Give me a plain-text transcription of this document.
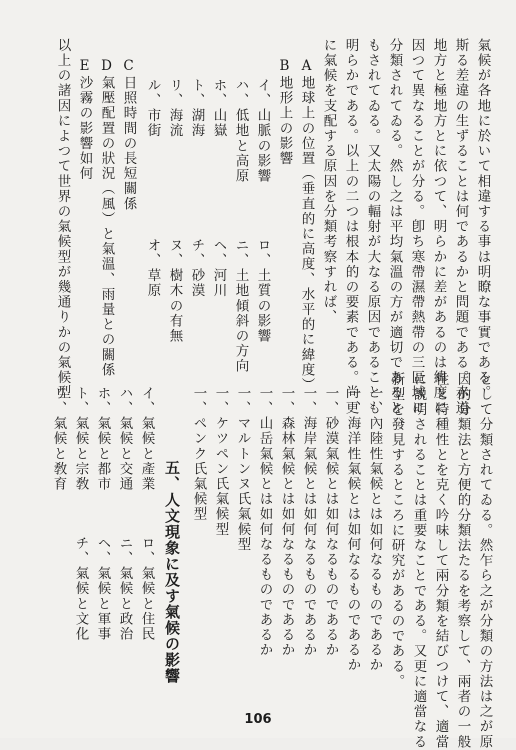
氣候が各地に於いて相違する事は明瞭な事實である。
斯る差違の生ずることは何であるかと問題である。赤道
地方と極地方とに依つて、明らかに差があるのは緯度に
因つて異なることが分る。卽ち寒帶濕帶熱帶の三區域に
分類されてゐる。然し之は平均氣溫の方が適切であると
もされてゐる。又太陽の輻射が大なる原因であることも
明らかである。以上の二つは根本的の要素である。尚更
に氣候を支配する原因を分類考察すれば、
A地球上の位置（垂直的に高度、水平的に緯度）
B地形上の影響
イ、山脈の影響
ロ、土質の影響
ハ、低地と高原
ニ、土地傾斜の方向
ホ、山嶽
ヘ、河川
ト、湖海
チ、砂漠
リ、海流
ヌ、樹木の有無
ル、市街
オ、草原
C日照時間の長短關係
D氣壓配置の狀況（風）と氣溫、雨量との關係
E沙霧の影響如何
以上の諸因によつて世界の氣候型が幾通りかの氣候型
として分類されてゐる。然乍ら之が分類の方法は之が原
因的分類法と方便的分類法たるを考察して、兩者の一般
性と特種性とを克く吟味して兩分類を結びつけて、適當
に説明されることは重要なことである。又更に適當なる
新型を發見するところに研究があるのである。
一、內陸性氣候とは如何なるものであるか
一、海洋性氣候とは如何なるものであるか
一、砂漠氣候とは如何なるものであるか
一、海岸氣候とは如何なるものであるか
一、森林氣候とは如何なるものであるか
一、山岳氣候とは如何なるものであるか
一、マルトンヌ氏氣候型
一、ケツペン氏氣候型
一、ペンク氏氣候型
五、人文現象に及す氣候の影響
イ、氣候と產業
ロ、氣候と住民
ハ、氣候と交通
ニ、氣候と政治
ホ、氣候と都市
ヘ、氣候と軍事
ト、氣候と宗敎
チ、氣候と文化
リ、氣候と敎育
106
